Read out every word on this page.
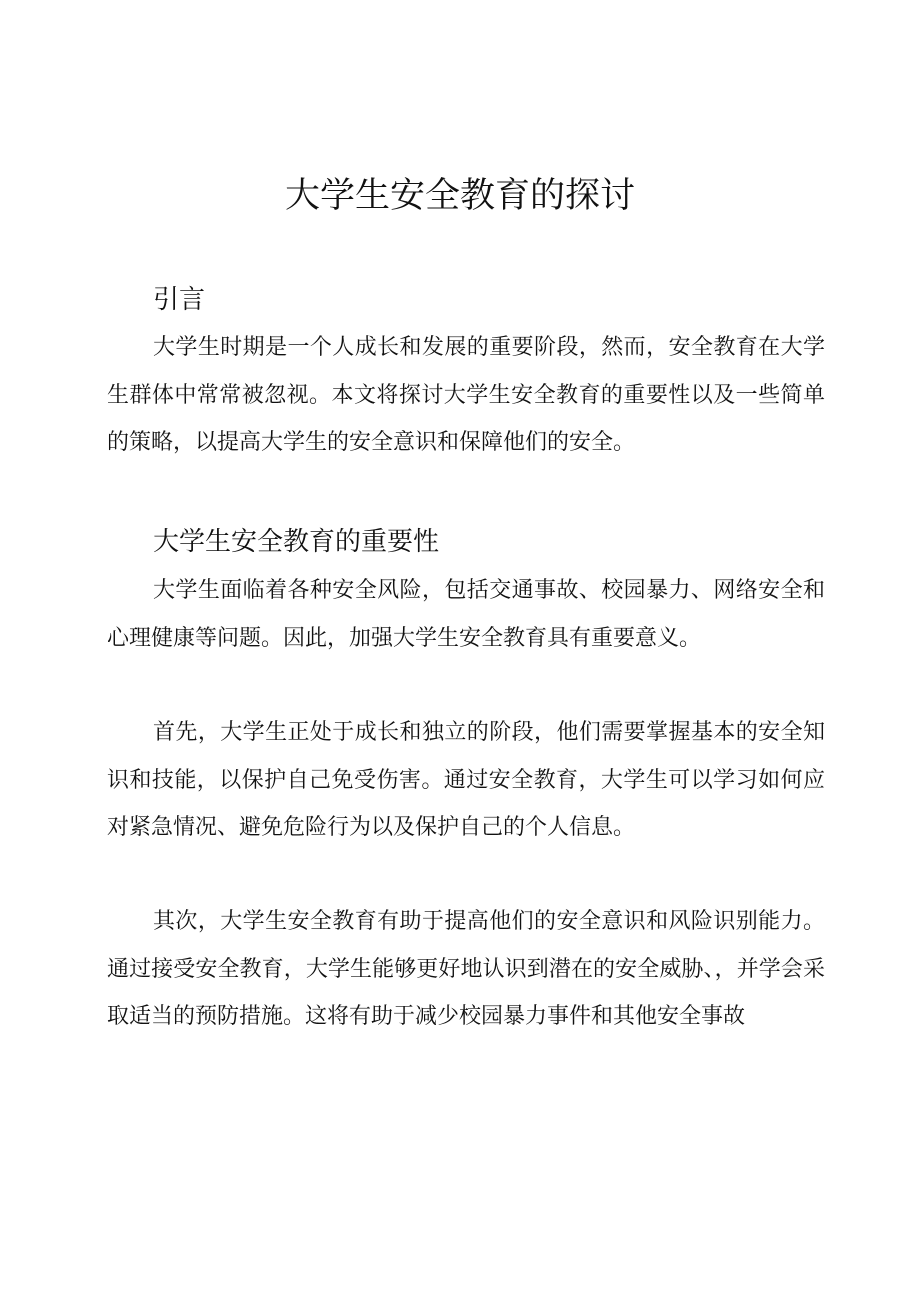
大学生安全教育的探讨
引言

大学生时期是一个人成长和发展的重要阶段，然而，安全教育在大学生群体中常常被忽视。本文将探讨大学生安全教育的重要性以及一些简单的策略，以提高大学生的安全意识和保障他们的安全。

大学生安全教育的重要性

大学生面临着各种安全风险，包括交通事故、校园暴力、网络安全和心理健康等问题。因此，加强大学生安全教育具有重要意义。

首先，大学生正处于成长和独立的阶段，他们需要掌握基本的安全知识和技能，以保护自己免受伤害。通过安全教育，大学生可以学习如何应对紧急情况、避免危险行为以及保护自己的个人信息。

其次，大学生安全教育有助于提高他们的安全意识和风险识别能力。通过接受安全教育，大学生能够更好地认识到潜在的安全威胁、，并学会采取适当的预防措施。这将有助于减少校园暴力事件和其他安全事故
